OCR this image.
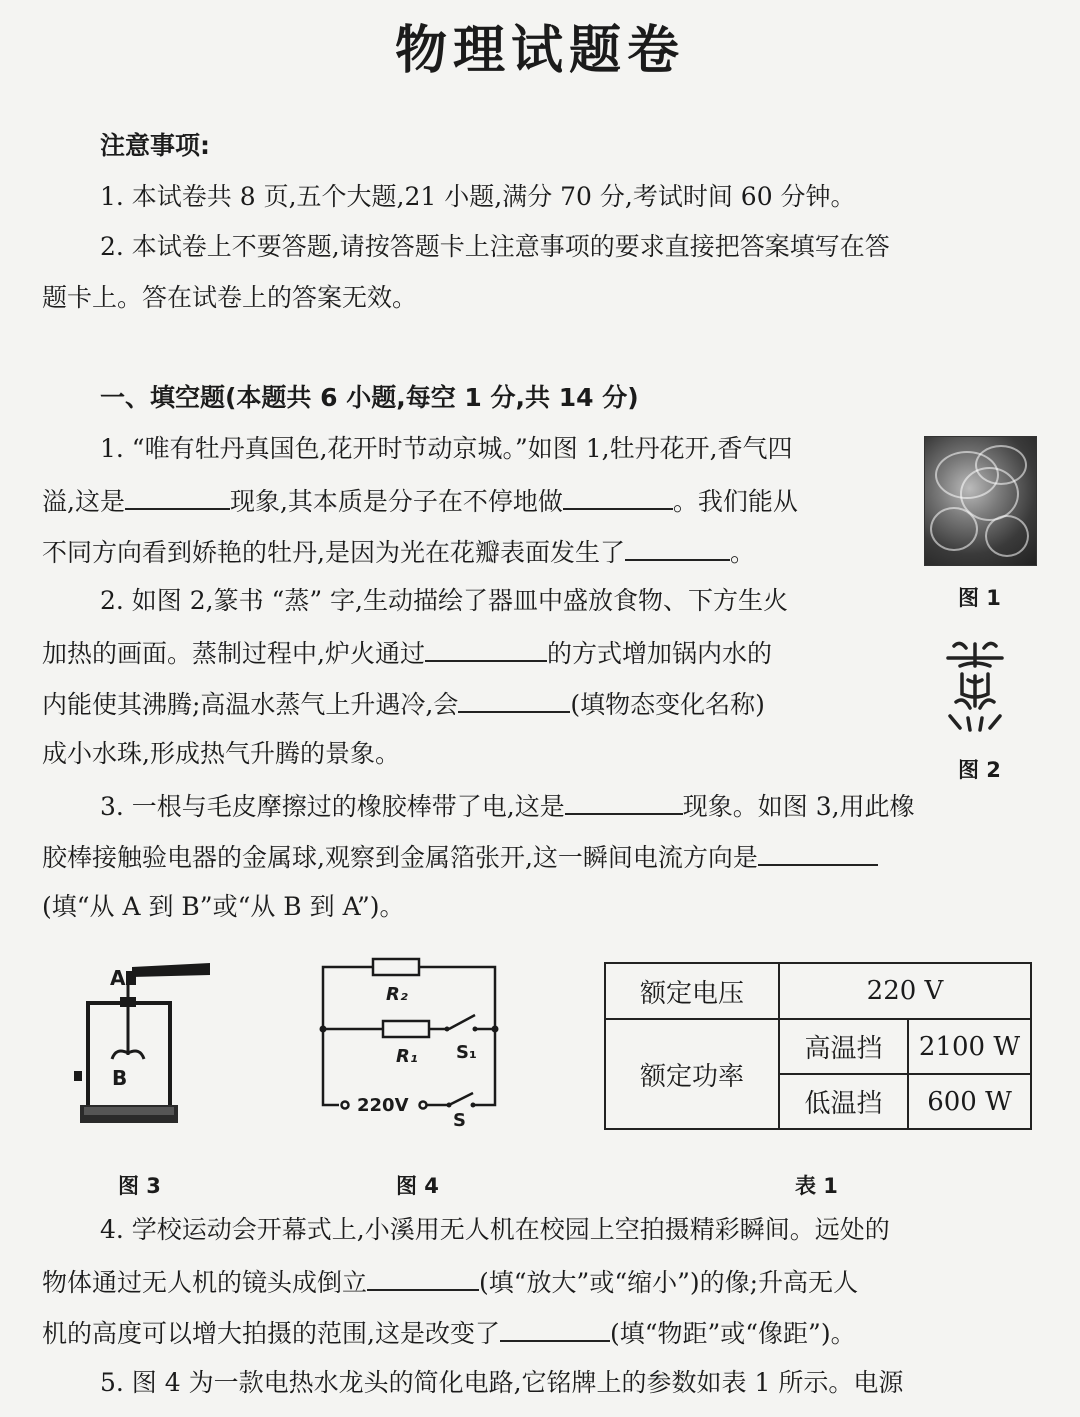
物理试题卷
注意事项:
1. 本试卷共 8 页,五个大题,21 小题,满分 70 分,考试时间 60 分钟。
2. 本试卷上不要答题,请按答题卡上注意事项的要求直接把答案填写在答
题卡上。答在试卷上的答案无效。
一、填空题(本题共 6 小题,每空 1 分,共 14 分)
1. “唯有牡丹真国色,花开时节动京城。”如图 1,牡丹花开,香气四
溢,这是	现象,其本质是分子在不停地做	。我们能从
不同方向看到娇艳的牡丹,是因为光在花瓣表面发生了	。
图 1
2. 如图 2,篆书 “蒸” 字,生动描绘了器皿中盛放食物、下方生火
加热的画面。蒸制过程中,炉火通过	的方式增加锅内水的
内能使其沸腾;高温水蒸气上升遇冷,会	(填物态变化名称)
成小水珠,形成热气升腾的景象。
图 2
3. 一根与毛皮摩擦过的橡胶棒带了电,这是	现象。如图 3,用此橡
胶棒接触验电器的金属球,观察到金属箔张开,这一瞬间电流方向是
(填“从 A 到 B”或“从 B 到 A”)。
A
B
图 3
R₂
R₁ S₁
220V
S
图 4
额定电压	220 V	
额定功率	高温挡	2100 W
	低温挡	600 W
表 1
4. 学校运动会开幕式上,小溪用无人机在校园上空拍摄精彩瞬间。远处的
物体通过无人机的镜头成倒立	(填“放大”或“缩小”)的像;升高无人
机的高度可以增大拍摄的范围,这是改变了	(填“物距”或“像距”)。
5. 图 4 为一款电热水龙头的简化电路,它铭牌上的参数如表 1 所示。电源
